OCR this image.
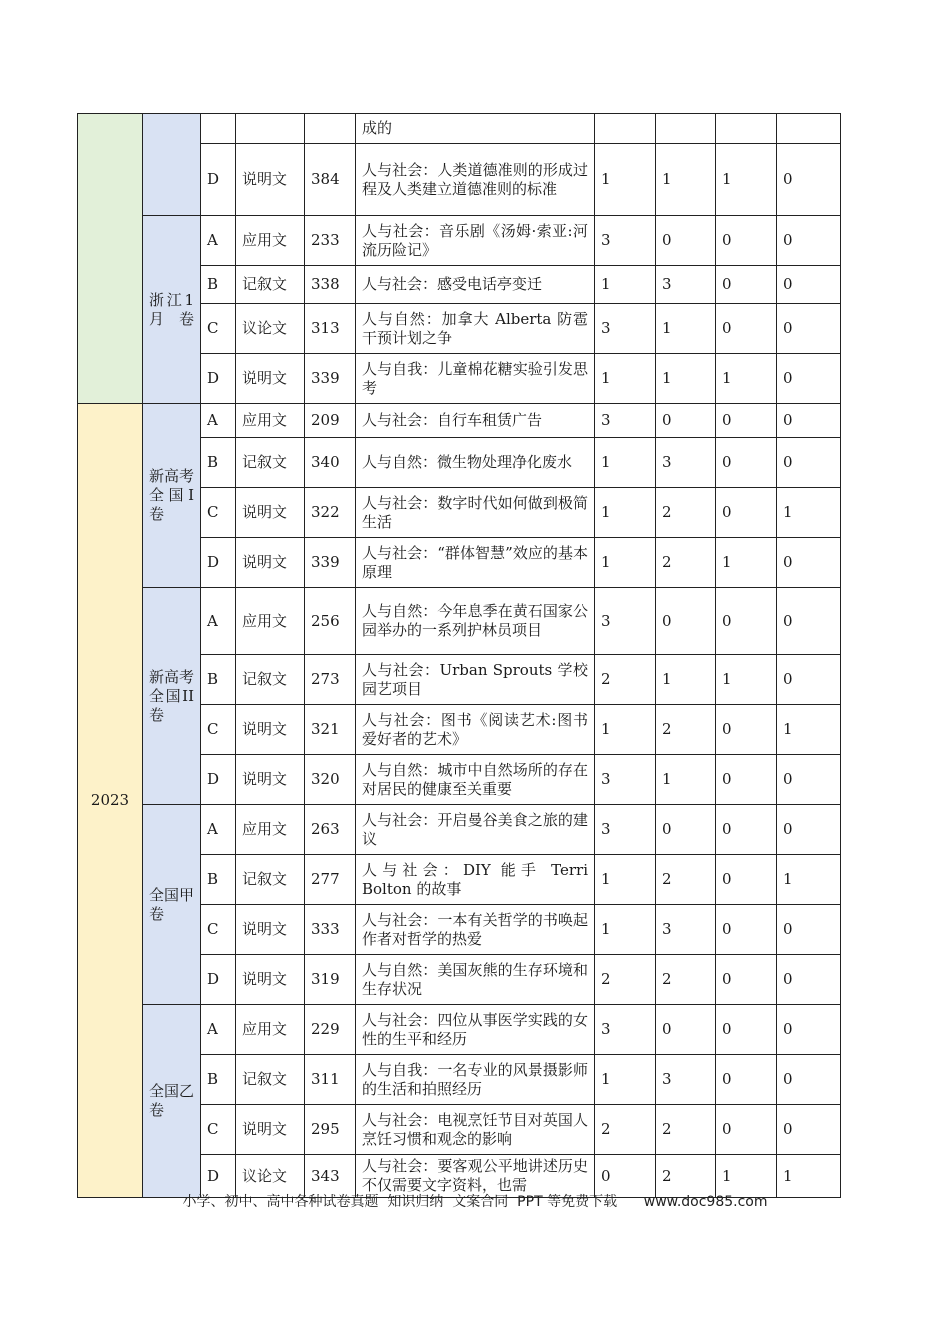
					成的				
		D	说明文	384	人与社会：人类道德准则的形成过程及人类建立道德准则的标准	1	1	1	0
	浙江1月卷	A	应用文	233	人与社会：音乐剧《汤姆·索亚:河流历险记》	3	0	0	0
		B	记叙文	338	人与社会：感受电话亭变迁	1	3	0	0
		C	议论文	313	人与自然：加拿大 Alberta 防雹干预计划之争	3	1	0	0
		D	说明文	339	人与自我：儿童棉花糖实验引发思考	1	1	1	0
2023	新高考全国I卷	A	应用文	209	人与社会：自行车租赁广告	3	0	0	0
		B	记叙文	340	人与自然：微生物处理净化废水	1	3	0	0
		C	说明文	322	人与社会：数字时代如何做到极简生活	1	2	0	1
		D	说明文	339	人与社会：“群体智慧”效应的基本原理	1	2	1	0
	新高考全国II卷	A	应用文	256	人与自然：今年息季在黄石国家公园举办的一系列护林员项目	3	0	0	0
		B	记叙文	273	人与社会：Urban Sprouts 学校园艺项目	2	1	1	0
		C	说明文	321	人与社会：图书《阅读艺术:图书爱好者的艺术》	1	2	0	1
		D	说明文	320	人与自然：城市中自然场所的存在对居民的健康至关重要	3	1	0	0
	全国甲卷	A	应用文	263	人与社会：开启曼谷美食之旅的建议	3	0	0	0
		B	记叙文	277	人与社会：DIY 能手 Terri Bolton 的故事	1	2	0	1
		C	说明文	333	人与社会：一本有关哲学的书唤起作者对哲学的热爱	1	3	0	0
		D	说明文	319	人与自然：美国灰熊的生存环境和生存状况	2	2	0	0
	全国乙卷	A	应用文	229	人与社会：四位从事医学实践的女性的生平和经历	3	0	0	0
		B	记叙文	311	人与自我：一名专业的风景摄影师的生活和拍照经历	1	3	0	0
		C	说明文	295	人与社会：电视烹饪节目对英国人烹饪习惯和观念的影响	2	2	0	0
		D	议论文	343	人与社会：要客观公平地讲述历史不仅需要文字资料，也需	0	2	1	1
小学、初中、高中各种试卷真题  知识归纳  文案合同  PPT 等免费下载      www.doc985.com
